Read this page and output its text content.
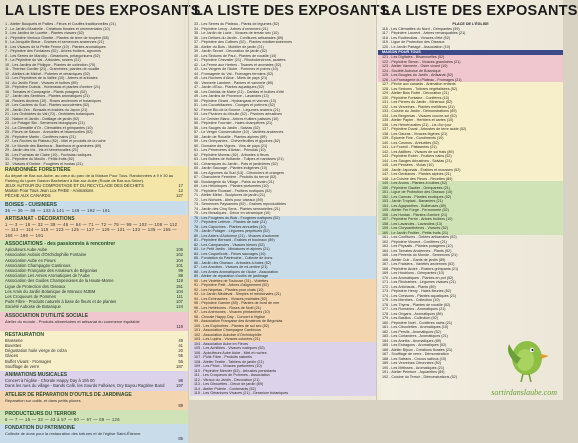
LA LISTE DES EXPOSANTS
1 - Atelier Bouquets et Pailles - Fleurs et Couffes traditionnelles (21)
2 - Le Jardin d'Arabelle - Créations florales et ornementales (10)
3 - Les Jardins de Lucette - Plantes vivaces (52)
4 - Pépinière Ventoux Ginette - Plantes de terre de bruyère (58)
5 - La Jonquille Bleue - Graines et semences anciennes (21)
6 - Les Vivaces de la Petite Ferme (10) - Plantes aromatiques
7 - Pépinière des Fontaines (52) - Arbres fruitiers, agrumes
8 - Les Serres de Marcilly - Géraniums, pélargoniums (52)
9 - La Pépinière du Val - Arbustes, rosiers (21)
10 - Les Jardins de Philippe - Plantes de collection (70)
11 - Thérèse Cordier (21) - Graminées, plantes de rocaille
12 - Ateliers de Michel - Poteries et céramiques (52)
13 - Les Pépinières de la Vallée (10) - Arbres et arbustes
14 - Au Jardin Fleuri - Vivaces et bulbes (89)
15 - Pépinière Dubois - Hortensias et plantes d'ombre (21)
16 - Tomates et Compagnie - Plants potagers (52)
17 - Jardin des Senteurs - Plantes aromatiques (21)
18 - Rosiers Anciens (10) - Roses anciennes et botaniques
19 - Les Cactées du Sud - Plantes succulentes (52)
20 - Jardin Zen - Bonsaïs et érables du Japon (21)
21 - Les Orchidées du Val (70) - Orchidées botaniques
22 - Nature et Jardin - Outillage de jardin (52)
23 - Le Potager Bio - Semences biologiques (21)
24 - La Clématite d'Or - Clématites et grimpantes (10)
25 - Fleurs de Saison - Annuelles et bisannuelles (52)
26 - Pépinière Martin - Conifères nains (21)
27 - Les Ruches du Plateau (52) - Miel et produits de la ruche
28 - Le Monde des Bambous - Bambous et graminées (89)
29 - Jardin des Iris - Iris et hémérocalles (21)
30 - Les Fuchsias de Claire (10) - Fuchsias rustiques
31 - Pépinière du Moulin - Petits fruits (52)
32 - Vivaces d'Ombre - Fougères et hostas (21)
RANDONNÉE FORESTIÈRE
Au départ de Bar-sur-Aube, au cœur du parc de la Maison Pour Tous. Randonnées à 9 h 30 au Parking du Lycée Gaston Bachelard à Bar-sur-Aube (Route de Bar-sur-Seine).
JEUX AUTOUR DU COMPOSTAGE ET DU RECYCLAGE DES DÉCHETS	17
Maison Pour Tous Jean Lux PHEE - Animations	12
PÊCHE AUX CANARDS	127
BOISES - CUISINIERS
35 — 36 — 38 — 133 à 141 — 148 — 192 — 161
ARTISANAT - DÉCORATIONS
1 — 3 — 18 — 32 — 39 — 46 — 64 — 71 — 72 — 75 — 99 — 102 — 108 — 112 — 113 — 114 — 119 — 123 — 125 — 127 — 129 — 131 — 133 — 135 — 155 — 166 — 186 — 191
ASSOCIATIONS - des passionnés à rencontrer
Apiculteurs Aube Aube	106
Association Aubois d'Orchidophilie Fontaine	102
Association Aube en Fleurs	104
Association Champagne Cantinous	101
Association Française des Amateurs de Bégonias	99
Association Les Amies Aromatiques de l'Aube	88
Association des Guides Champenoises de la Haute-Marne	119
Ligue de Protection des Oiseaux	151
Les Amis du Jardin Botanique de Monaco MJBM	104
Les Croqueurs de Pommes	111
Puits Fibre - Produits naturels à base de fleurs et de plantes	107
Société Auboise de Botanique	124
ASSOCIATION D'UTILITÉ SOCIALE
Atelier du monde - Produits alimentaires et artisanat du commerce équitable
119
RESTAURATION
Brasserie	49
Buvettes	41
Dégustation huile vierge de colza	20
Glaces	55
Buffet Vivant - Fromages	55
Soufflage de verre	187
ANIMATIONS MUSICALES
Concert à l'église - Chorale Happy Day à 15h 00	98
Dans les rues du village - Bands Cafè, les Sourds Falloises, Dry Bayou Ragtime Band	197
ATELIER DE RÉPARATION D'OUTILS DE JARDINAGE
Réparation sur outils, et dans petits pliures
89
PRODUCTEURS DU TERROIR
6 — 7 — 15 — 33 — 43 à 57 — 60 — 67 — 68 — 126
FONDATION DU PATRIMOINE
Collecte de dons pour la restauration des toitures et de l'église Saint-Étienne
85
LA LISTE DES EXPOSANTS
33 - Les Serres du Plateau - Plants de légumes (52)
34 - Pépinière Leroy - Arbres d'ornement (21)
35 - Le Jardin de Lucie - Vivaces de terrain sec (10)
36 - Les Délices du Jardin - Confitures artisanales (89)
37 - Pépinière des Collines (52) - Plantes méditerranéennes
38 - Atelier du Bois - Mobilier de jardin (21)
39 - Jardin Secret - Décoration de jardin (52)
40 - Les Sédums de Paul - Plantes de rocaille (10)
41 - Pépinière Chevalier (21) - Rhododendrons, azalées
42 - La Ferme aux Herbes - Tisanes et aromates (52)
43 - Les Vergers de l'Aube - Pommes et poires (10)
44 - Fromagerie du Val - Fromages fermiers (52)
45 - Les Ruchers d'Alice - Miels de pays (21)
46 - Vannerie Lambert - Paniers et vannerie (89)
47 - Jardin d'Eau - Plantes aquatiques (52)
48 - Les Dahlias de Marie (21) - Dahlias et bulbes d'été
49 - Les Jardins de Provence - Lavandes (13)
50 - Pépinière Girard - Hydrangeas et viornes (10)
51 - Les Cucurbitacées - Courges et potirons (52)
52 - Ferme Bio de la Source - Légumes anciens (21)
53 - Les Pivoines du Moulin (52) - Pivoines arbustives
54 - Le Cerisier Blanc - Arbres fruitiers palissés (10)
55 - Pépinière Fournier - Haies champêtres (21)
56 - Les Sauges du Jardin - Salvias (52)
57 - Le Verger Conservatoire (10) - Variétés anciennes
58 - Jardin de Rocaille - Plantes alpines (89)
59 - Les Grimpantes - Chèvrefeuilles et glycines (52)
60 - Domaine des Vignes - Vins de pays (21)
61 - Les Primevères d'Antan - Primulas (10)
62 - Pépinière Moreau (52) - Arbustes à fleurs
63 - Les Bulbes de Hollande - Tulipes et narcisses (21)
64 - Céramiques du Jardin - Pots et jardinières (52)
65 - Jardin Sauvage - Plantes indigènes (10)
66 - Les Agrumes du Sud (13) - Citronniers et orangers
67 - Charcuterie Fermière - Produits du terroir (52)
68 - Boulangerie du Village - Pains au levain (21)
69 - Les Héliotropes - Plantes parfumées (10)
70 - Pépinière Roussel - Fruitiers rustiques (52)
71 - Atelier Métal - Sculptures de jardin (21)
72 - Les Nichoirs - Abris pour oiseaux (89)
73 - Semences Paysannes (52) - Graines reproductibles
74 - Jardin des Cinq Sens - Plantes sensorielles (21)
75 - Les Mosaïques - Décor en céramique (10)
76 - Les Fougères du Bois - Fougères rustiques (52)
77 - Pépinière Lefèvre - Plantes de haie (21)
78 - Les Capucines - Plantes annuelles (10)
79 - Jardin Potager - Légumes perpétuels (52)
80 - Les Asters d'Automne (21) - Vivaces d'automne
81 - Pépinière Bernard - Érables et bouleaux (89)
82 - Les Campanules - Vivaces bleues (52)
83 - Le Petit Jardin - Miniatures et alpines (21)
84 - Les Coquelicots - Fleurs sauvages (10)
85 - Fondation du Patrimoine - Collecte de dons
86 - Jardin des Oiseaux - Arbustes à baies (52)
87 - Les Ancolies - Vivaces de mi-ombre (21)
88 - Les Amies Aromatiques de l'Aube - Association
89 - Atelier de réparation d'outils de jardinage
90 - Les Violettes de Toulouse (31) - Violettes
91 - Pépinière Petit - Arbres d'alignement (52)
92 - Les Nepetas - Plantes pour chats (10)
93 - Le Jardin Médiéval - Simples et médicinales (21)
94 - Les Echinacées - Vivaces prairiales (52)
95 - Pépinière Garnier (89) - Plantes de bord de mer
96 - Les Hellébores - Roses de Noël (21)
97 - Les Anémones - Vivaces printanières (10)
98 - Chorale Happy Day - Concert à l'église
99 - Association Française des Amateurs de Bégonias
100 - Les Euphorbes - Plantes de sol sec (52)
101 - Association Champagne Cantinous
102 - Association Auboise d'Orchidophilie
103 - Les Lupins - Vivaces colorées (21)
104 - Association Aube en Fleurs
105 - Les Achillées - Vivaces rustiques (52)
106 - Apiculteurs Aube Aube - Miel et ruches
107 - Puits Fibre - Produits naturels
108 - Atelier Textile - Tabliers de jardin (21)
109 - Les Phlox - Vivaces parfumées (10)
110 - Pépinière Mercier (52) - Arbustes persistants
111 - Les Croqueurs de Pommes - Association
112 - Vitraux du Jardin - Décoration (21)
113 - Les Girouettes - Décor de jardin (89)
114 - Atelier Poterie - Contenants (52)
115 - Les Géraniums Vivaces (21) - Geranium botaniques
LA LISTE DES EXPOSANTS
PLACE DE L'ÉGLISE
116 - Les Clématites du Nord - Grimpantes (59)
117 - Pépinière Laurent - Arbres remarquables (21)
118 - Les Rudbeckias - Vivaces d'été (52)
119 - Ligue de Protection des Oiseaux
120 - Le Jardin Partagé - Association (10)
MAISON POUR TOUS
121 - Les Digitales - Bisannuelles (52)
122 - Pépinière Simon - Vivaces graminées (21)
123 - Atelier Vannerie - Osier vivant (10)
124 - Société Auboise de Botanique
125 - Les Bougies du Jardin - Artisanat (52)
126 - La Fromagerie du Plateau - Fromages (21)
127 - Pêche aux canards - Animation enfants
128 - Les Sedums - Toitures végétalisées (52)
129 - Atelier Bois Flotté - Décoration (21)
130 - Pépinière Fontaine - Conifères (10)
131 - Les Pierres du Jardin - Minéraux (52)
132 - Les Verveines - Plantes mellifères (21)
133 - Cuisine au Jardin - Démonstrations (89)
134 - Les Bergenias - Vivaces couvre-sol (52)
135 - Atelier Papier - Herbiers et cartes (10)
136 - Les Hémérocalles (21) - Lis d'un jour
137 - Pépinière Duval - Arbustes de terre acide (52)
138 - Les Gauras - Vivaces légères (21)
139 - Épicerie Fine - Condiments (10)
140 - Les Cosmos - Annuelles (52)
141 - Le Fournil - Pâtisseries (21)
142 - Les Astilbes - Vivaces de sol frais (89)
143 - Pépinière Robin - Fruitiers nains (52)
144 - Les Sauges Arbustives - Salvias (21)
145 - Les Pensées - Violas (10)
146 - Jardin Japonais - Érables et mousses (52)
147 - Les Gentianes - Plantes alpines (21)
148 - La Cuisine des Fleurs - Recettes (89)
149 - Les Arums - Plantes à bulbes (52)
150 - Pépinière Gautier - Grimpantes (21)
151 - Ligue de Protection des Oiseaux (10)
152 - Les Cannas - Plantes exotiques (52)
153 - Jardin Tropical - Bananiers (21)
154 - Les Agapanthes - Bulbeuses (89)
155 - Atelier Fer Forgé - Ferronnerie (52)
156 - Les Hostas - Plantes d'ombre (21)
157 - Pépinière Perrin - Arbres fruitiers (10)
158 - Les Lavandes - Lavandins (13)
159 - Les Chrysanthèmes - Vivaces (52)
160 - Le Jardin Fruitier - Petits fruits (21)
161 - Les Confitures - Gelées artisanales (52)
162 - Pépinière Vincent - Conifères (21)
163 - Les Physalis - Plantes potagères (10)
164 - Les Tomates Anciennes - Plants (52)
165 - Les Piments du Monde - Semences (21)
166 - Atelier Cuir - Gants de jardin (89)
167 - Les Fraisiers - Variétés anciennes (52)
168 - Pépinière André - Rosiers grimpants (21)
169 - Les Houblons - Grimpantes (10)
170 - Les Aromatiques - Plantes en pot (52)
171 - Les Rhubarbes - Légumes vivaces (21)
172 - Les Artichauts - Plants (89)
173 - Pépinière Henry - Haies fleuries (52)
174 - Les Cressons - Plantes aquatiques (21)
175 - Les Menthes - Collection (10)
176 - Les Thyms - Plantes de rocaille (52)
177 - Les Romarins - Aromatiques (21)
178 - Les Origans - Aromatiques (89)
179 - Les Basilics - Collection (52)
180 - Pépinière Noël - Conifères nains (21)
181 - Les Ciboulettes - Aromatiques (10)
182 - Les Persils - Aromatiques (52)
183 - Les Coriandres - Aromatiques (21)
184 - Les Aneths - Aromatiques (89)
185 - Les Estragons - Aromatiques (52)
186 - Atelier Bijoux - Créations florales (21)
187 - Soufflage de verre - Démonstration
188 - Les Safrans - Crocus sativus (10)
189 - Les Verveines Citronnées (52)
190 - Les Mélisses - Aromatiques (21)
191 - Atelier Peinture - Aquarelles (89)
192 - Cuisine du Terroir - Démonstrations (52)
sortirdanslaube.com
